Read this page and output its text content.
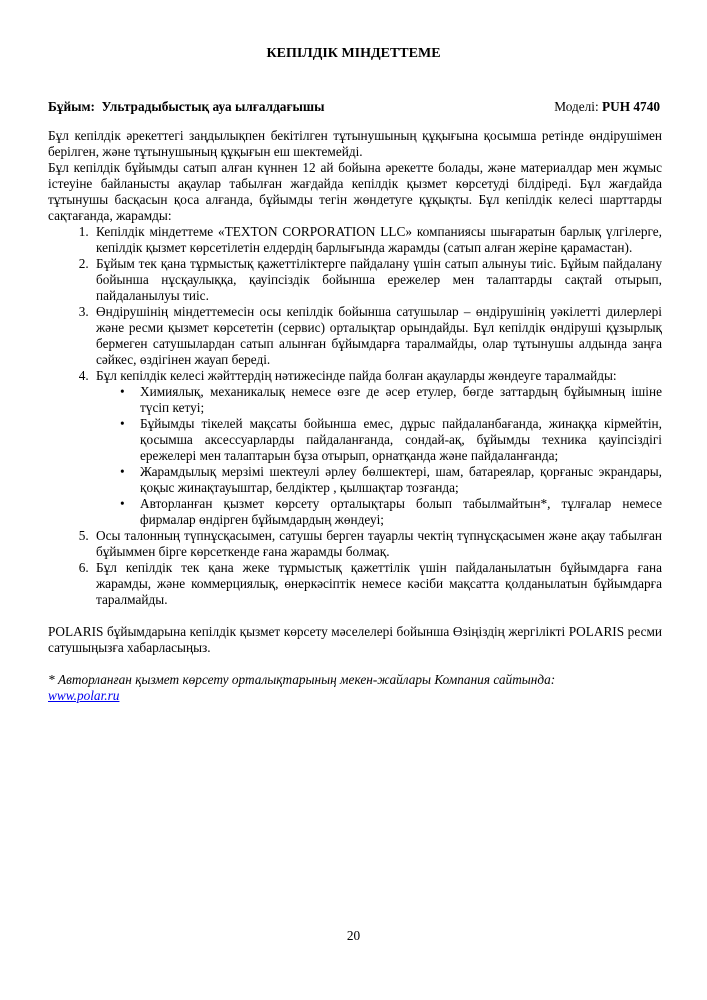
КЕПІЛДІК МІНДЕТТЕМЕ
Бұйым: Ультрадыбыстық ауа ылғалдағышы	Моделі: PUH 4740

Бұл кепілдік әрекеттегі заңдылықпен бекітілген тұтынушының құқығына қосымша ретінде өндірушімен берілген, және тұтынушының құқығын еш шектемейді.

Бұл кепілдік бұйымды сатып алған күннен 12 ай бойына әрекетте болады, және материалдар мен жұмыс істеуіне байланысты ақаулар табылған жағдайда кепілдік қызмет көрсетуді білдіреді. Бұл жағдайда тұтынушы басқасын қоса алғанда, бұйымды тегін жөндетуге құқықты. Бұл кепілдік келесі шарттарды сақтағанда, жарамды:

1. Кепілдік міндеттеме «TEXTON CORPORATION LLC» компаниясы шығаратын барлық үлгілерге, кепілдік қызмет көрсетілетін елдердің барлығында жарамды (сатып алған жеріне қарамастан).
2. Бұйым тек қана тұрмыстық қажеттіліктерге пайдалану үшін сатып алынуы тиіс. Бұйым пайдалану бойынша нұсқаулыққа, қауіпсіздік бойынша ережелер мен талаптарды сақтай отырып, пайдаланылуы тиіс.
3. Өндірушінің міндеттемесін осы кепілдік бойынша сатушылар – өндірушінің уәкілетті дилерлері және ресми қызмет көрсететін (сервис) орталықтар орындайды. Бұл кепілдік өндіруші құзырлық бермеген сатушылардан сатып алынған бұйымдарға таралмайды, олар тұтынушы алдында заңға сәйкес, өздігінен жауап береді.
4. Бұл кепілдік келесі жәйттердің нәтижесінде пайда болған ақауларды жөндеуге таралмайды:
• Химиялық, механикалық немесе өзге де әсер етулер, бөгде заттардың бұйымның ішіне түсіп кетуі;
• Бұйымды тікелей мақсаты бойынша емес, дұрыс пайдаланбағанда, жинаққа кірмейтін, қосымша аксессуарларды пайдаланғанда, сондай-ақ, бұйымды техника қауіпсіздігі ережелері мен талаптарын бұза отырып, орнатқанда және пайдаланғанда;
• Жарамдылық мерзімі шектеулі әрлеу бөлшектері, шам, батареялар, қорғаныс экрандары, қоқыс жинақтауыштар, белдіктер , қылшақтар тозғанда;
• Авторланған қызмет көрсету орталықтары болып табылмайтын*, тұлғалар немесе фирмалар өндірген бұйымдардың жөндеуі;
5. Осы талонның түпнұсқасымен, сатушы берген тауарлы чектің түпнұсқасымен және ақау табылған бұйыммен бірге көрсеткенде ғана жарамды болмақ.
6. Бұл кепілдік тек қана жеке тұрмыстық қажеттілік үшін пайдаланылатын бұйымдарға ғана жарамды, және коммерциялық, өнеркәсіптік немесе кәсіби мақсатта қолданылатын бұйымдарға таралмайды.

POLARIS бұйымдарына кепілдік қызмет көрсету мәселелері бойынша Өзіңіздің жергілікті POLARIS ресми сатушыңызға хабарласыңыз.

* Авторланған қызмет көрсету орталықтарының мекен-жайлары Компания сайтында:
www.polar.ru

20
